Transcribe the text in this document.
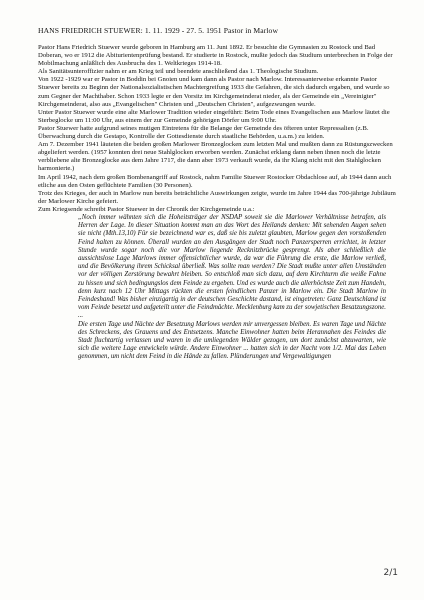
HANS FRIEDRICH STUEWER: 1. 11. 1929 - 27. 5. 1951 Pastor in Marlow

Pastor Hans Friedrich Stuewer wurde geboren in Hamburg am 11. Juni 1892. Er besuchte die Gymnasien zu Rostock und Bad Doberan, wo er 1912 die Abiturientenprüfung bestand. Er studierte in Rostock, mußte jedoch das Studium unterbrechen in Folge der Mobilmachung anläßlich des Ausbruchs des 1. Weltkrieges 1914-18.

Als Sanitätsunteroffizier nahm er am Krieg teil und beendete anschließend das 1. Theologische Studium.

Von 1922 -1929 war er Pastor in Boddin bei Gnoien und kam dann als Pastor nach Marlow. Interessanterweise erkannte Pastor Stuewer bereits zu Beginn der Nationalsozialistischen Machtergreifung 1933 die Gefahren, die sich dadurch ergaben, und wurde so zum Gegner der Machthaber. Schon 1933 legte er den Vorsitz im Kirchgemeinderat nieder, als der Gemeinde ein „Vereinigter" Kirchgemeinderat, also aus „Evangelischen" Christen und „Deutschen Christen", aufgezwungen wurde.

Unter Pastor Stuewer wurde eine alte Marlower Tradition wieder eingeführt: Beim Tode eines Evangelischen aus Marlow läutet die Sterbeglocke um 11:00 Uhr, aus einem der zur Gemeinde gehörigen Dörfer um 9:00 Uhr.

Pastor Stuewer hatte aufgrund seines mutigen Eintretens für die Belange der Gemeinde des öfteren unter Repressalien (z.B. Überwachung durch die Gestapo, Kontrolle der Gottesdienste durch staatliche Behörden, u.a.m.) zu leiden.

Am 7. Dezember 1941 läuteten die beiden großen Marlower Bronzeglocken zum letzten Mal und mußten dann zu Rüstungszwecken abgeliefert werden. (1957 konnten drei neue Stahlglocken erworben werden. Zunächst erklang dann neben ihnen noch die letzte verbliebene alte Bronzeglocke aus dem Jahre 1717, die dann aber 1973 verkauft wurde, da ihr Klang nicht mit den Stahlglocken harmonierte.)

Im April 1942, nach dem großen Bombenangriff auf Rostock, nahm Familie Stuewer Rostocker Obdachlose auf, ab 1944 dann auch etliche aus den Osten geflüchtete Familien (30 Personen).

Trotz des Krieges, der auch in Marlow nun bereits beträchtliche Auswirkungen zeigte, wurde im Jahre 1944 das 700-jährige Jubiläum der Marlower Kirche gefeiert.

Zum Kriegsende schreibt Pastor Stuewer in der Chronik der Kirchgemeinde u.a.:

„Noch immer wähnten sich die Hoheitsträger der NSDAP soweit sie die Marlower Verhältnisse betrafen, als Herren der Lage. In dieser Situation kommt man an das Wort des Heilands denken: Mit sehenden Augen sehen sie nicht (Mth.13,10) Für sie bezeichnend war es, daß sie bis zuletzt glaubten, Marlow gegen den vorstoßenden Feind halten zu können. Überall wurden an den Ausgängen der Stadt noch Panzersperren errichtet, in letzter Stunde wurde sogar noch die vor Marlow liegende Recknitzbrücke gesprengt. Als aber schließlich die aussichtslose Lage Marlows immer offensichtlicher wurde, da war die Führung die erste, die Marlow verließ, und die Bevölkerung ihrem Schicksal überließ. Was sollte man werden? Die Stadt mußte unter allen Umständen vor der völligen Zerstörung bewahrt bleiben. So entschloß man sich dazu, auf dem Kirchturm die weiße Fahne zu hissen und sich bedingungslos dem Feinde zu ergeben. Und es wurde auch die allerhöchste Zeit zum Handeln, denn kurz nach 12 Uhr Mittags rückten die ersten feindlichen Panzer in Marlow ein. Die Stadt Marlow in Feindeshand! Was bisher einzigartig in der deutschen Geschichte dastand, ist eingetreten: Ganz Deutschland ist vom Feinde besetzt und aufgeteilt unter die Feindmächte. Mecklenburg kam zu der sowjetischen Besatzungszone. ...

Die ersten Tage und Nächte der Besetzung Marlows werden mir unvergessen bleiben. Es waren Tage und Nächte des Schreckens, des Grauens und des Entsetzens. Manche Einwohner hatten beim Herannahen des Feindes die Stadt fluchtartig verlassen und waren in die umliegenden Wälder gezogen, um dort zunächst abzuwarten, wie sich die weitere Lage entwickeln würde. Andere Einwohner ... hatten sich in der Nacht vom 1/2. Mai das Leben genommen, um nicht dem Feind in die Hände zu fallen. Plünderungen und Vergewaltigungen

2/1
